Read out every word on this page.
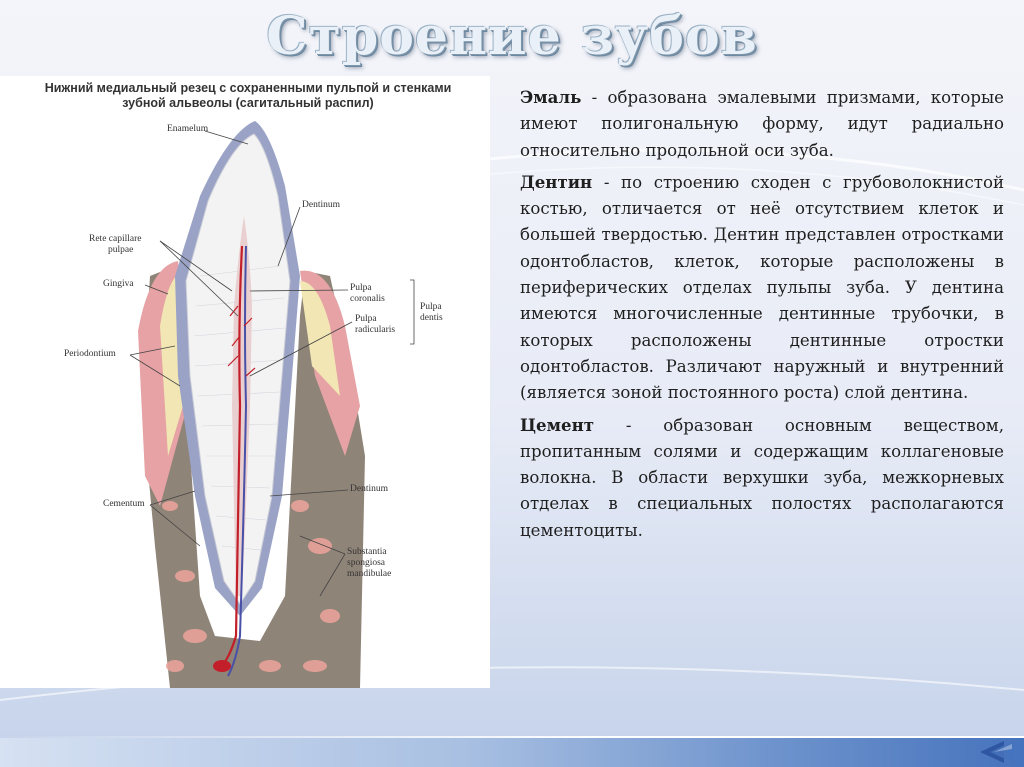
Строение зубов
Нижний медиальный резец с сохраненными пульпой и стенками
зубной альвеолы (сагитальный распил)
Enamelum
Dentinum
Rete capillare
pulpae
Gingiva	Pulpa
coronalis
Pulpa
dentis
Pulpa
radicularis
Periodontium
Cementum
Dentinum
Substantia
spongiosa
mandibulae

Эмаль - образована эмалевыми призмами, которые имеют полигональную форму, идут радиально относительно продольной оси зуба.

Дентин - по строению сходен с грубоволокнистой костью, отличается от неё отсутствием клеток и большей твердостью. Дентин представлен отростками одонтобластов, клеток, которые расположены в периферических отделах пульпы зуба. У дентина имеются многочисленные дентинные трубочки, в которых расположены дентинные отростки одонтобластов. Различают наружный и внутренний (является зоной постоянного роста) слой дентина.

Цемент - образован основным веществом, пропитанным солями и содержащим коллагеновые волокна. В области верхушки зуба, межкорневых отделах в специальных полостях располагаются цементоциты.
